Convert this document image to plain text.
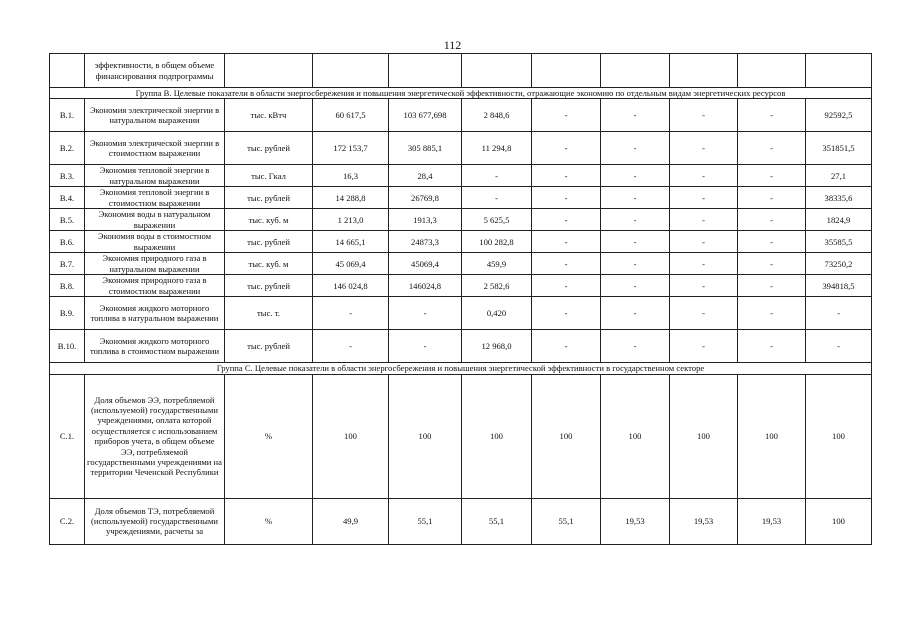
112
	эффективности, в общем объеме финансирования подпрограммы									
Группа В. Целевые показатели в области энергосбережения и повышения энергетической эффективности, отражающие экономию по отдельным видам энергетических ресурсов										
В.1.	Экономия электрической энергии в натуральном выражении	тыс. кВтч	60 617,5	103 677,698	2 848,6	-	-	-	-	92592,5
В.2.	Экономия электрической энергии в стоимостном выражении	тыс. рублей	172 153,7	305 885,1	11 294,8	-	-	-	-	351851,5
В.3.	Экономия тепловой энергии в натуральном выражении	тыс. Гкал	16,3	28,4	-	-	-	-	-	27,1
В.4.	Экономия тепловой энергии в стоимостном выражении	тыс. рублей	14 288,8	26769,8	-	-	-	-	-	38335,6
В.5.	Экономия воды в натуральном выражении	тыс. куб. м	1 213,0	1913,3	5 625,5	-	-	-	-	1824,9
В.6.	Экономия воды в стоимостном выражении	тыс. рублей	14 665,1	24873,3	100 282,8	-	-	-	-	35585,5
В.7.	Экономия природного газа в натуральном выражении	тыс. куб. м	45 069,4	45069,4	459,9	-	-	-	-	73250,2
В.8.	Экономия природного газа в стоимостном выражении	тыс. рублей	146 024,8	146024,8	2 582,6	-	-	-	-	394818,5
В.9.	Экономия жидкого моторного топлива в натуральном выражении	тыс. т.	-	-	0,420	-	-	-	-	-
В.10.	Экономия жидкого моторного топлива в стоимостном выражении	тыс. рублей	-	-	12 968,0	-	-	-	-	-
Группа С. Целевые показатели в области энергосбережения и повышения энергетической эффективности в государственном секторе										
С.1.	Доля объемов ЭЭ, потребляемой (используемой) государственными учреждениями, оплата которой осуществляется с использованием приборов учета, в общем объеме ЭЭ, потребляемой государственными учреждениями на территории Чеченской Республики	%	100	100	100	100	100	100	100	100
С.2.	Доля объемов ТЭ, потребляемой (используемой) государственными учреждениями, расчеты за	%	49,9	55,1	55,1	55,1	19,53	19,53	19,53	100
